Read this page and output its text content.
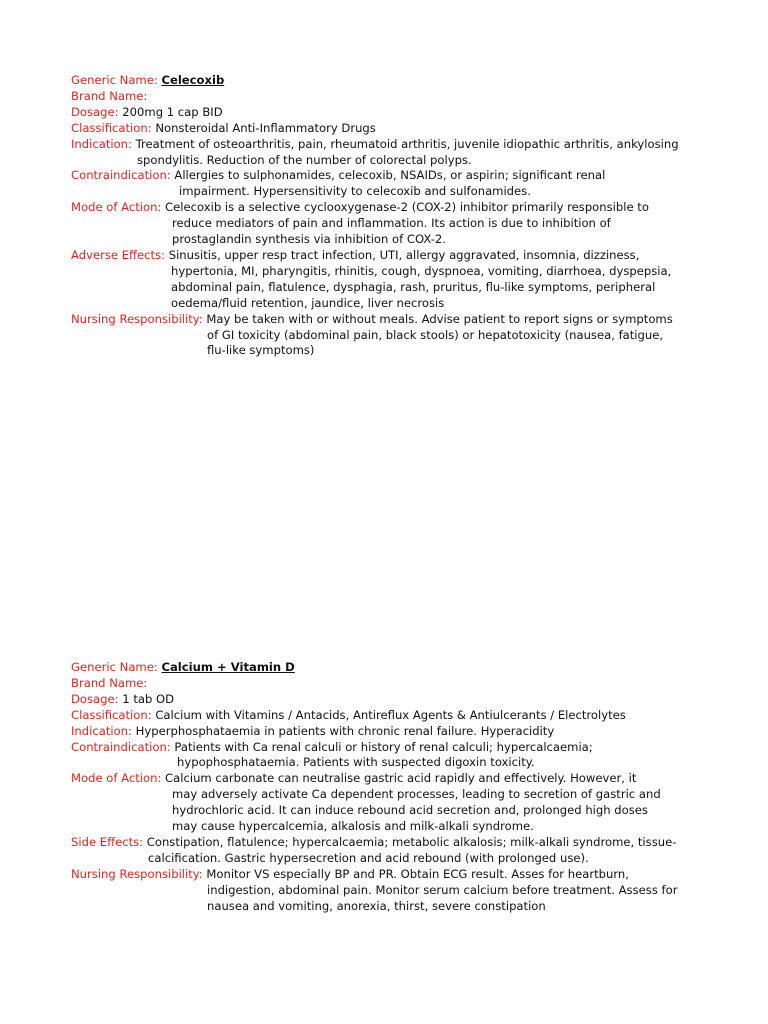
Generic Name: Celecoxib
Brand Name:
Dosage: 200mg 1 cap BID
Classification: Nonsteroidal Anti-Inflammatory Drugs
Indication: Treatment of osteoarthritis, pain, rheumatoid arthritis, juvenile idiopathic arthritis, ankylosing
spondylitis. Reduction of the number of colorectal polyps.
Contraindication: Allergies to sulphonamides, celecoxib, NSAIDs, or aspirin; significant renal
impairment. Hypersensitivity to celecoxib and sulfonamides.
Mode of Action: Celecoxib is a selective cyclooxygenase-2 (COX-2) inhibitor primarily responsible to
reduce mediators of pain and inflammation. Its action is due to inhibition of
prostaglandin synthesis via inhibition of COX-2.
Adverse Effects: Sinusitis, upper resp tract infection, UTI, allergy aggravated, insomnia, dizziness,
hypertonia, MI, pharyngitis, rhinitis, cough, dyspnoea, vomiting, diarrhoea, dyspepsia,
abdominal pain, flatulence, dysphagia, rash, pruritus, flu-like symptoms, peripheral
oedema/fluid retention, jaundice, liver necrosis
Nursing Responsibility: May be taken with or without meals. Advise patient to report signs or symptoms
of GI toxicity (abdominal pain, black stools) or hepatotoxicity (nausea, fatigue,
flu-like symptoms)
Generic Name: Calcium + Vitamin D
Brand Name:
Dosage: 1 tab OD
Classification: Calcium with Vitamins / Antacids, Antireflux Agents & Antiulcerants / Electrolytes
Indication: Hyperphosphataemia in patients with chronic renal failure. Hyperacidity
Contraindication: Patients with Ca renal calculi or history of renal calculi; hypercalcaemia;
hypophosphataemia. Patients with suspected digoxin toxicity.
Mode of Action: Calcium carbonate can neutralise gastric acid rapidly and effectively. However, it
may adversely activate Ca dependent processes, leading to secretion of gastric and
hydrochloric acid. It can induce rebound acid secretion and, prolonged high doses
may cause hypercalcemia, alkalosis and milk-alkali syndrome.
Side Effects: Constipation, flatulence; hypercalcaemia; metabolic alkalosis; milk-alkali syndrome, tissue-
calcification. Gastric hypersecretion and acid rebound (with prolonged use).
Nursing Responsibility: Monitor VS especially BP and PR. Obtain ECG result. Asses for heartburn,
indigestion, abdominal pain. Monitor serum calcium before treatment. Assess for
nausea and vomiting, anorexia, thirst, severe constipation
